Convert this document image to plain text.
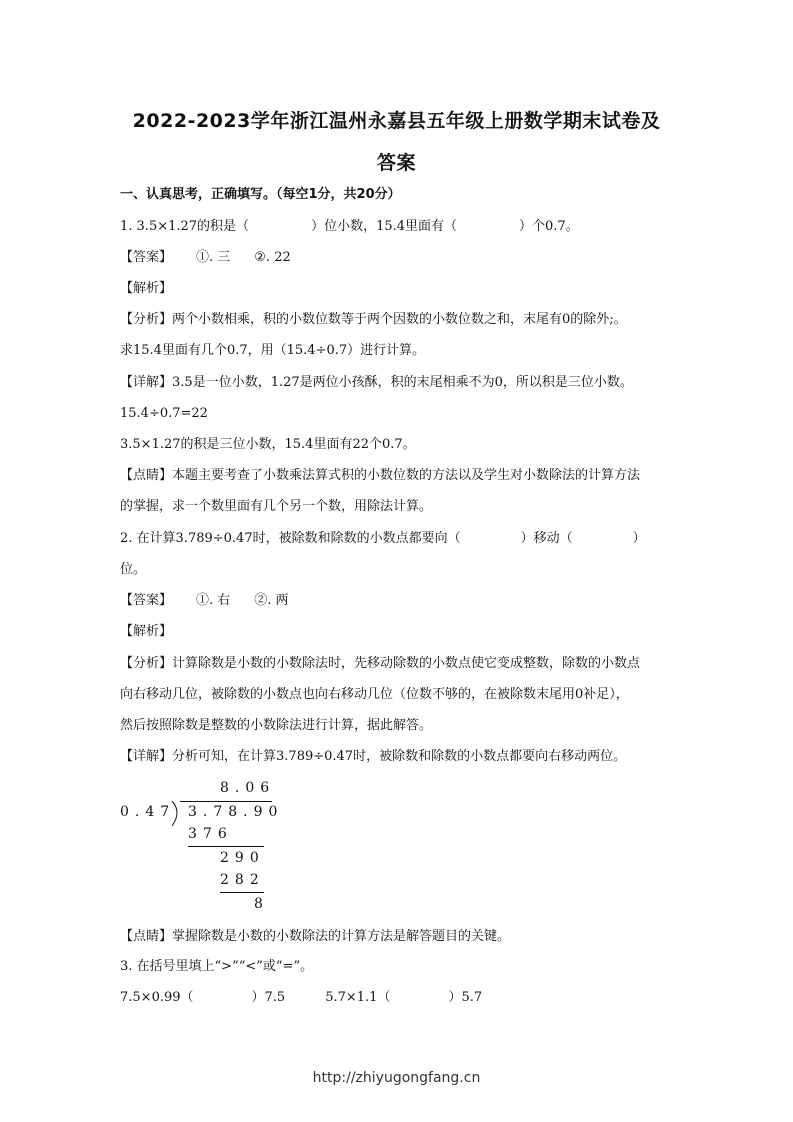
2022-2023学年浙江温州永嘉县五年级上册数学期末试卷及
答案
一、认真思考，正确填写。（每空1分，共20分）
1. 3.5×1.27的积是（	）位小数，15.4里面有（	）个0.7。
【答案】 ①. 三 ②. 22
【解析】
【分析】两个小数相乘，积的小数位数等于两个因数的小数位数之和，末尾有0的除外;。
求15.4里面有几个0.7，用（15.4÷0.7）进行计算。
【详解】3.5是一位小数，1.27是两位小孩酥，积的末尾相乘不为0，所以积是三位小数。
15.4÷0.7=22
3.5×1.27的积是三位小数，15.4里面有22个0.7。
【点睛】本题主要考查了小数乘法算式积的小数位数的方法以及学生对小数除法的计算方法
的掌握，求一个数里面有几个另一个数，用除法计算。
2. 在计算3.789÷0.47时，被除数和除数的小数点都要向（	）移动（	）
位。
【答案】 ①. 右 ②. 两
【解析】
【分析】计算除数是小数的小数除法时，先移动除数的小数点使它变成整数，除数的小数点
向右移动几位，被除数的小数点也向右移动几位（位数不够的，在被除数末尾用0补足），
然后按照除数是整数的小数除法进行计算，据此解答。
【详解】分析可知，在计算3.789÷0.47时，被除数和除数的小数点都要向右移动两位。
8.06
0.47 3.78.90
376
290
282
8
【点睛】掌握除数是小数的小数除法的计算方法是解答题目的关键。
3. 在括号里填上“>”“<”或“=”。
7.5×0.99（	）7.5	5.7×1.1（	）5.7
http://zhiyugongfang.cn
